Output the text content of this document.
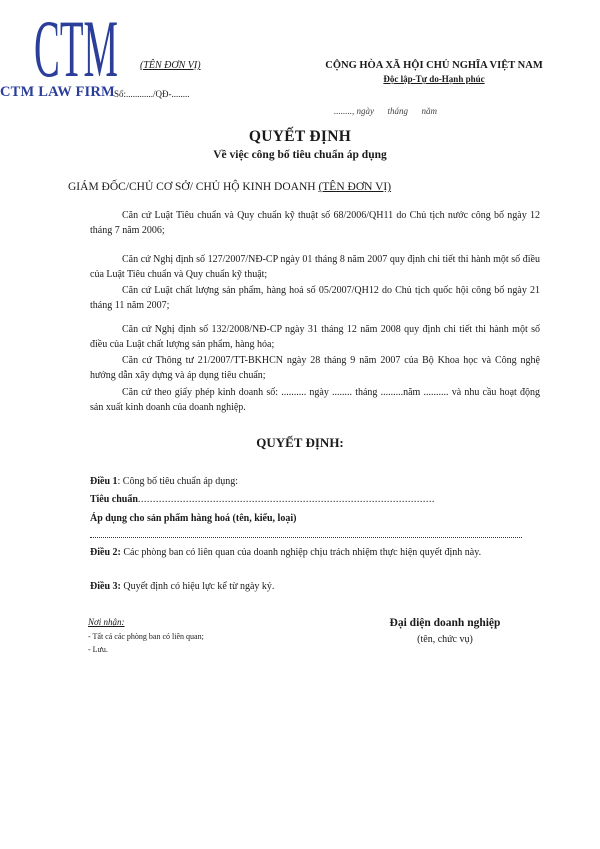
CTM
CTM LAW FIRM
(TÊN ĐƠN VỊ)
Số:............/QĐ-........
CỘNG HÒA XÃ HỘI CHỦ NGHĨA VIỆT NAM
Độc lập-Tự do-Hạnh phúc
........, ngày      tháng      năm
QUYẾT ĐỊNH
Về việc công bố tiêu chuẩn áp dụng
GIÁM ĐỐC/CHỦ CƠ SỞ/ CHỦ HỘ KINH DOANH (TÊN ĐƠN VỊ)

Căn cứ Luật Tiêu chuẩn và Quy chuẩn kỹ thuật số 68/2006/QH11 do Chủ tịch nước công bố ngày 12 tháng 7 năm 2006;

Căn cứ Nghị định số 127/2007/NĐ-CP ngày 01 tháng 8 năm 2007 quy định chi tiết thi hành một số điều của Luật Tiêu chuẩn và Quy chuẩn kỹ thuật;

Căn cứ Luật chất lượng sản phẩm, hàng hoá số 05/2007/QH12 do Chủ tịch quốc hội công bố ngày 21 tháng 11 năm 2007;

Căn cứ Nghị định số 132/2008/NĐ-CP ngày 31 tháng 12 năm 2008 quy định chi tiết thi hành một số điều của Luật chất lượng sản phẩm, hàng hóa;

Căn cứ Thông tư 21/2007/TT-BKHCN ngày 28 tháng 9 năm 2007 của Bộ Khoa học và Công nghệ hướng dẫn xây dựng và áp dụng tiêu chuẩn;

Căn cứ theo giấy phép kinh doanh số: .......... ngày ........ tháng .........năm .......... và nhu cầu hoạt động sản xuất kinh doanh của doanh nghiệp.

QUYẾT ĐỊNH:
Điều 1: Công bố tiêu chuẩn áp dụng:
Tiêu chuẩn...................................................................................................
Áp dụng cho sản phẩm hàng hoá (tên, kiểu, loại)

Điều 2: Các phòng ban có liên quan của doanh nghiệp chịu trách nhiệm thực hiện quyết định này.

Điều 3: Quyết định có hiệu lực kể từ ngày ký.
Nơi nhận:
- Tất cả các phòng ban có liên quan;
- Lưu.
Đại diện doanh nghiệp
(tên, chức vụ)
